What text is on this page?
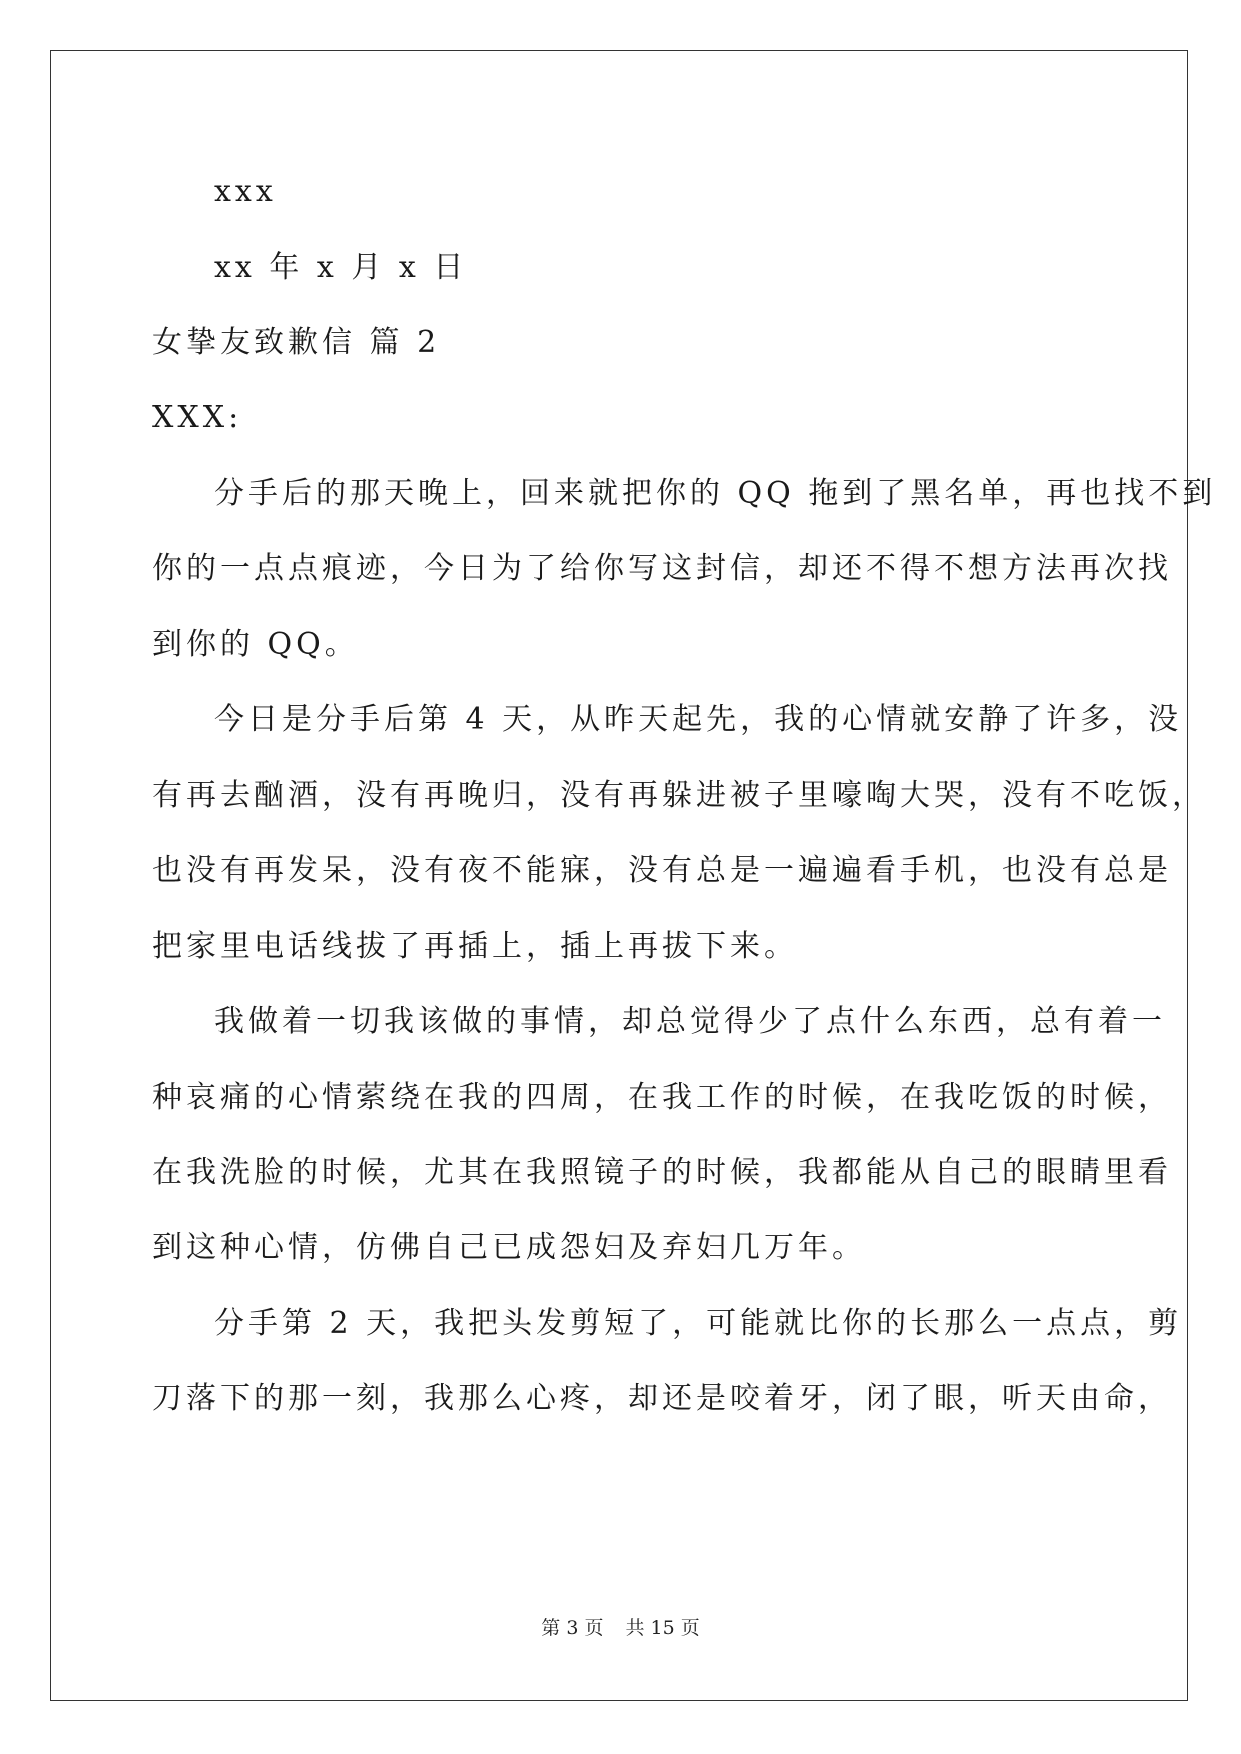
xxx

xx 年 x 月 x 日

女挚友致歉信 篇 2

XXX:

分手后的那天晚上，回来就把你的 QQ 拖到了黑名单，再也找不到

你的一点点痕迹，今日为了给你写这封信，却还不得不想方法再次找

到你的 QQ。

今日是分手后第 4 天，从昨天起先，我的心情就安静了许多，没

有再去酗酒，没有再晚归，没有再躲进被子里嚎啕大哭，没有不吃饭，

也没有再发呆，没有夜不能寐，没有总是一遍遍看手机，也没有总是

把家里电话线拔了再插上，插上再拔下来。

我做着一切我该做的事情，却总觉得少了点什么东西，总有着一

种哀痛的心情萦绕在我的四周，在我工作的时候，在我吃饭的时候，

在我洗脸的时候，尤其在我照镜子的时候，我都能从自己的眼睛里看

到这种心情，仿佛自己已成怨妇及弃妇几万年。

分手第 2 天，我把头发剪短了，可能就比你的长那么一点点，剪

刀落下的那一刻，我那么心疼，却还是咬着牙，闭了眼，听天由命，

第 3 页 共 15 页
